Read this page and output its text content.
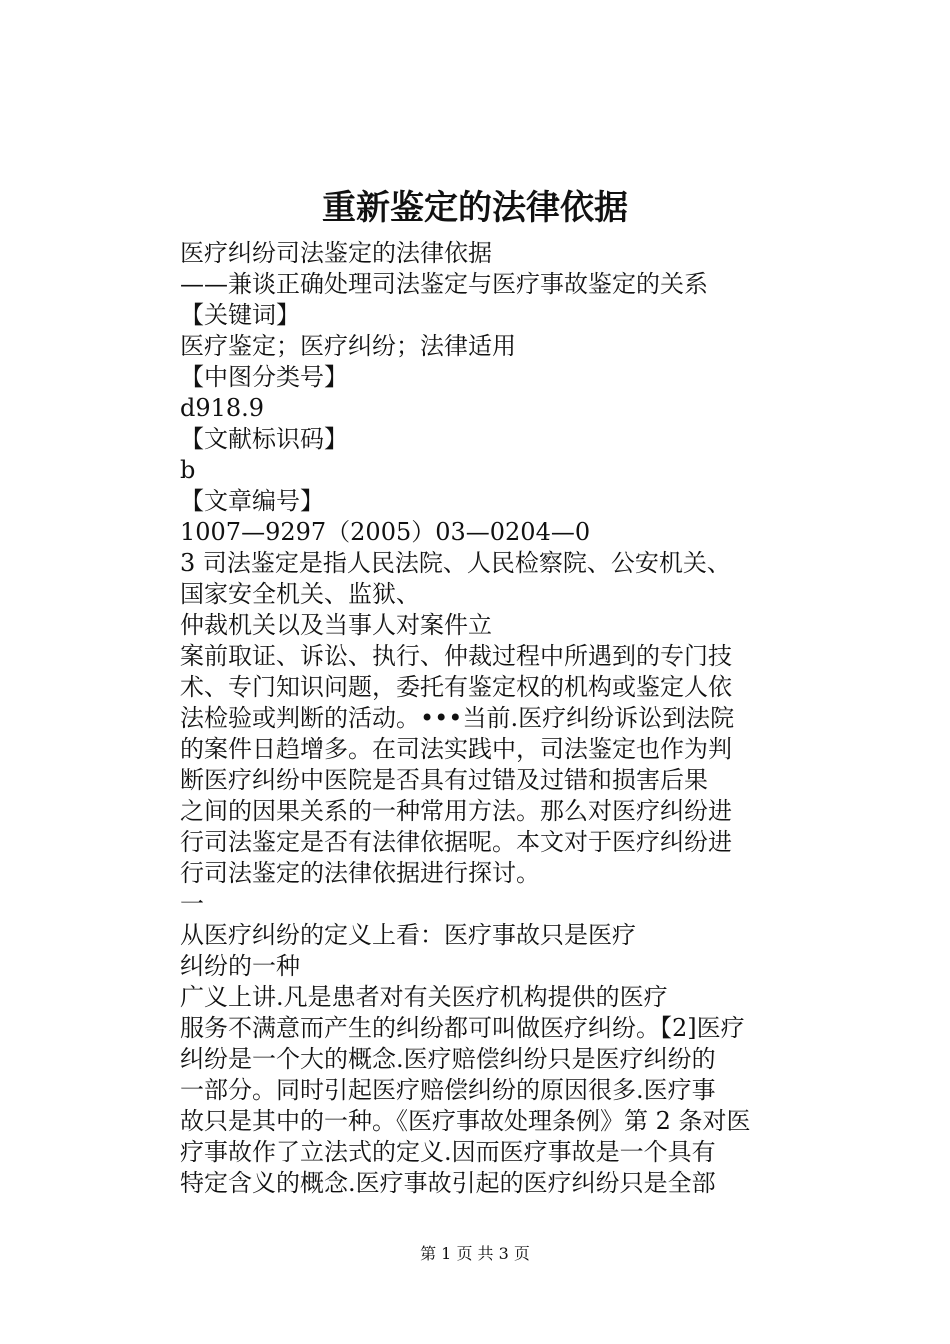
重新鉴定的法律依据
医疗纠纷司法鉴定的法律依据
——兼谈正确处理司法鉴定与医疗事故鉴定的关系
【关键词】
医疗鉴定；医疗纠纷；法律适用
【中图分类号】
d918.9
【文献标识码】
b
【文章编号】
1007—9297（2005）03—0204—0
3 司法鉴定是指人民法院、人民检察院、公安机关、
国家安全机关、监狱、
仲裁机关以及当事人对案件立
案前取证、诉讼、执行、仲裁过程中所遇到的专门技
术、专门知识问题，委托有鉴定权的机构或鉴定人依
法检验或判断的活动。•••当前.医疗纠纷诉讼到法院
的案件日趋增多。在司法实践中，司法鉴定也作为判
断医疗纠纷中医院是否具有过错及过错和损害后果
之间的因果关系的一种常用方法。那么对医疗纠纷进
行司法鉴定是否有法律依据呢。本文对于医疗纠纷进
行司法鉴定的法律依据进行探讨。
一
从医疗纠纷的定义上看：医疗事故只是医疗
纠纷的一种
广义上讲.凡是患者对有关医疗机构提供的医疗
服务不满意而产生的纠纷都可叫做医疗纠纷。【2]医疗
纠纷是一个大的概念.医疗赔偿纠纷只是医疗纠纷的
一部分。同时引起医疗赔偿纠纷的原因很多.医疗事
故只是其中的一种。《医疗事故处理条例》第 2 条对医
疗事故作了立法式的定义.因而医疗事故是一个具有
特定含义的概念.医疗事故引起的医疗纠纷只是全部
第 1 页 共 3 页
